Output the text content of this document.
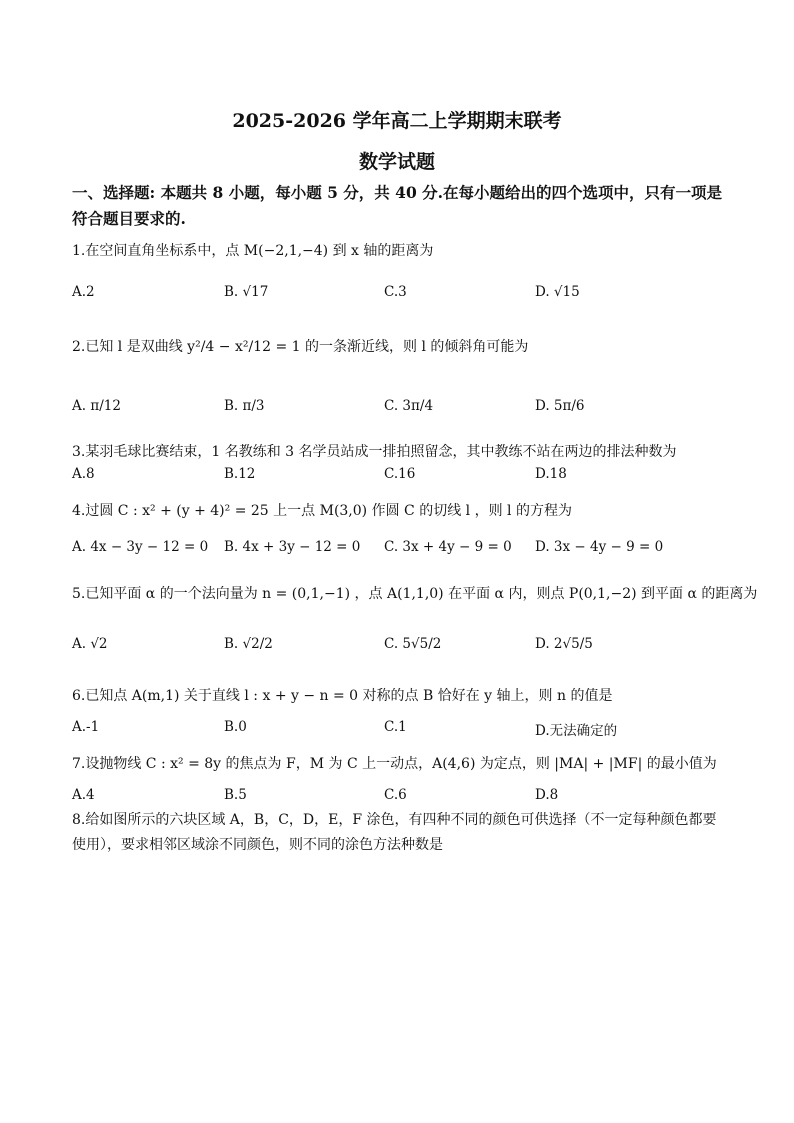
2025-2026 学年高二上学期期末联考
数学试题
一、选择题: 本题共 8 小题，每小题 5 分，共 40 分.在每小题给出的四个选项中，只有一项是符合题目要求的.
1.在空间直角坐标系中，点 M(−2,1,−4) 到 x 轴的距离为
A.2	B. √17	C.3	D. √15
2.已知 l 是双曲线 y²/4 − x²/12 = 1 的一条渐近线，则 l 的倾斜角可能为
A. π/12	B. π/3	C. 3π/4	D. 5π/6
3.某羽毛球比赛结束，1 名教练和 3 名学员站成一排拍照留念，其中教练不站在两边的排法种数为
A.8	B.12	C.16	D.18
4.过圆 C : x² + (y + 4)² = 25 上一点 M(3,0) 作圆 C 的切线 l ，则 l 的方程为
A. 4x − 3y − 12 = 0 B. 4x + 3y − 12 = 0 C. 3x + 4y − 9 = 0 D. 3x − 4y − 9 = 0
5.已知平面 α 的一个法向量为 n = (0,1,−1) ，点 A(1,1,0) 在平面 α 内，则点 P(0,1,−2) 到平面 α 的距离为
A. √2	B. √2/2	C. 5√5/2	D. 2√5/5
6.已知点 A(m,1) 关于直线 l : x + y − n = 0 对称的点 B 恰好在 y 轴上，则 n 的值是
A.-1	B.0	C.1	D.无法确定的
7.设抛物线 C : x² = 8y 的焦点为 F，M 为 C 上一动点，A(4,6) 为定点，则 |MA| + |MF| 的最小值为
A.4	B.5	C.6	D.8
8.给如图所示的六块区域 A，B，C，D，E，F 涂色，有四种不同的颜色可供选择（不一定每种颜色都要使用），要求相邻区域涂不同颜色，则不同的涂色方法种数是
